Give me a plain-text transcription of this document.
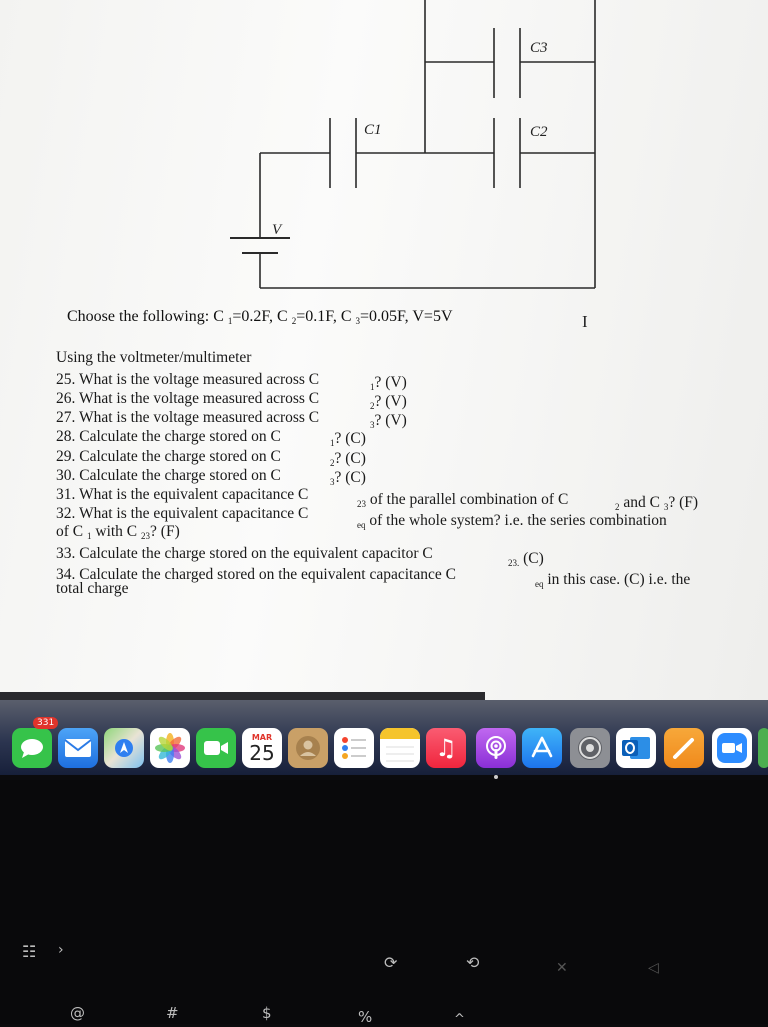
C3
C1	C2
V
Choose the following: C $_1$=0.2F, C 2=0.1F, C 3=0.05F, V=5V	I
Using the voltmeter/multimeter
25. What is the voltage measured across C	$_1$? (V)
26. What is the voltage measured across C	$_2$? (V)
27. What is the voltage measured across C	$_3$? (V)
28. Calculate the charge stored on C	$_1$? (C)
29. Calculate the charge stored on C	$_2$? (C)
30. Calculate the charge stored on C	$_3$? (C)
31. What is the equivalent capacitance C
$_{23}$ of the parallel combination of C	$_2$ and C $_3$? (F)
32. What is the equivalent capacitance C
$_{eq}$ of the whole system? i.e. the series combination
of C $_1$ with C $_{23}$? (F)
33. Calculate the charge stored on the equivalent capacitor C
$_{23.}$ (C)
34. Calculate the charged stored on the equivalent capacitance C
$_{eq}$ in this case. (C) i.e. the
total charge
331
MAR
25	♫
☷ ›
⟳	⟲	✕	◁
@	#	$	%	^
